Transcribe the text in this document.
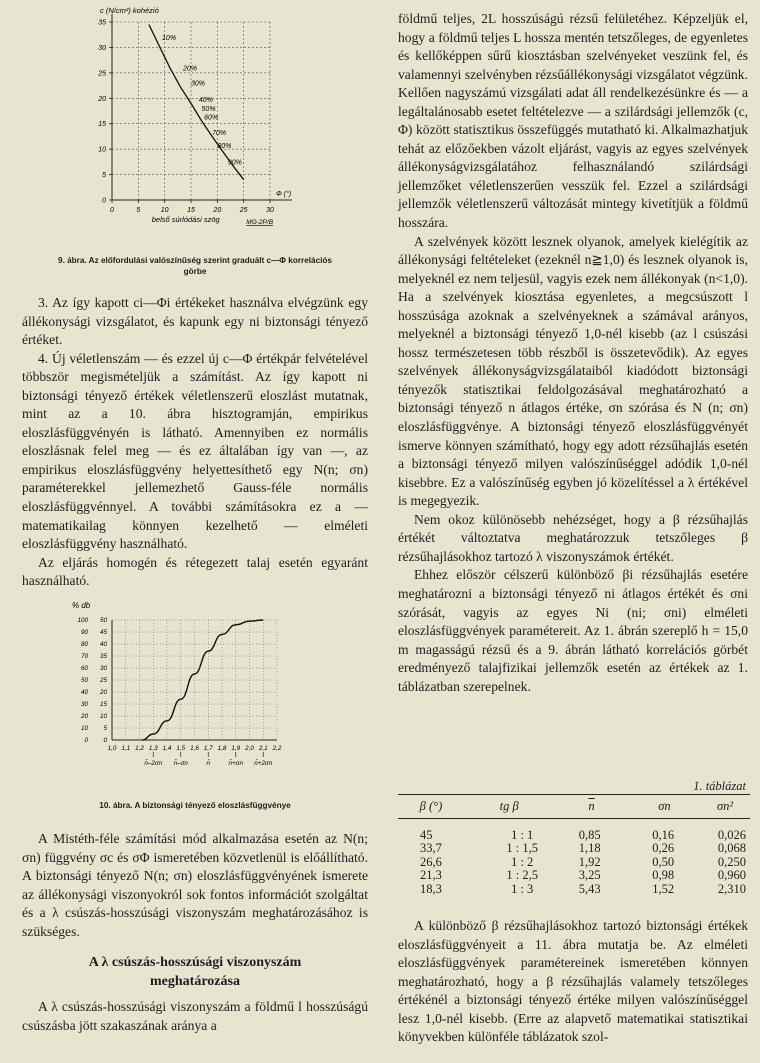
0	5	10	15	20	25	30
0
5
10
15
20
25
30
35
c (N/cm²) kohézió
belső súrlódási szög
Φ (°)
MG-2P/B
10%
20%
30%
40%
50%
60%
70%
80%
90%

9. ábra. Az előfordulási valószínűség szerint graduált c—Φ korrelációs

görbe

3. Az így kapott ci—Φi értékeket használva elvégzünk egy állékonysági vizsgálatot, és kapunk egy ni biztonsági tényező értéket.

4. Új véletlenszám — és ezzel új c—Φ értékpár felvételével többször megismételjük a számítást. Az így kapott ni biztonsági tényező értékek véletlenszerű eloszlást mutatnak, mint az a 10. ábra hisztogramján, empirikus eloszlásfüggvényén is látható. Amennyiben ez normális eloszlásnak felel meg — és ez általában így van —, az empirikus eloszlásfüggvény helyettesíthető egy N(n; σn) paraméterekkel jellemezhető Gauss-féle normális eloszlásfüggvénnyel. A további számításokra ez a — matematikailag könnyen kezelhető — elméleti eloszlásfüggvény használható.

Az eljárás homogén és rétegezett talaj esetén egyaránt használható.

1,0 1,1 1,2 1,3 1,4 1,5 1,6 1,7 1,8 1,9 2,0 2,1 2,2
0
10
20
30
40
50
60
70
80
90
100
0
5
10
15
20
25
30
35
40
45
50
% db
n̄–2σn n̄–σn	n̄	n̄+σn n̄+2σn

10. ábra. A biztonsági tényező eloszlásfüggvénye

A Mistéth-féle számítási mód alkalmazása esetén az N(n; σn) függvény σc és σΦ ismeretében közvetlenül is előállítható. A biztonsági tényező N(n; σn) eloszlásfüggvényének ismerete az állékonysági viszonyokról sok fontos információt szolgáltat és a λ csúszás-hosszúsági viszonyszám meghatározásához is szükséges.

A λ csúszás-hosszúsági viszonyszám

meghatározása

A λ csúszás-hosszúsági viszonyszám a földmű l hosszúságú csúszásba jött szakaszának aránya a

földmű teljes, 2L hosszúságú rézsű felületéhez. Képzeljük el, hogy a földmű teljes L hossza mentén tetszőleges, de egyenletes és kellőképpen sűrű kiosztásban szelvényeket veszünk fel, és valamennyi szelvényben rézsűállékonysági vizsgálatot végzünk. Kellően nagyszámú vizsgálati adat áll rendelkezésünkre és — a legáltalánosabb esetet feltételezve — a szilárdsági jellemzők (c, Φ) között statisztikus összefüggés mutatható ki. Alkalmazhatjuk tehát az előzőekben vázolt eljárást, vagyis az egyes szelvények állékonyságvizsgálatához felhasználandó szilárdsági jellemzőket véletlenszerűen vesszük fel. Ezzel a szilárdsági jellemzők véletlenszerű változását mintegy kivetítjük a földmű hosszára.

A szelvények között lesznek olyanok, amelyek kielégítik az állékonysági feltételeket (ezeknél n≧1,0) és lesznek olyanok is, melyeknél ez nem teljesül, vagyis ezek nem állékonyak (n<1,0). Ha a szelvények kiosztása egyenletes, a megcsúszott l hosszúsága azoknak a szelvényeknek a számával arányos, melyeknél a biztonsági tényező 1,0-nél kisebb (az l csúszási hossz természetesen több részből is összetevődik). Az egyes szelvények állékonyságvizsgálataiból kiadódott biztonsági tényezők statisztikai feldolgozásával meghatározható a biztonsági tényező n átlagos értéke, σn szórása és N (n; σn) eloszlásfüggvénye. A biztonsági tényező eloszlásfüggvényét ismerve könnyen számítható, hogy egy adott rézsűhajlás esetén a biztonsági tényező milyen valószínűséggel adódik 1,0-nél kisebbre. Ez a valószínűség egyben jó közelítéssel a λ értékével is megegyezik.

Nem okoz különösebb nehézséget, hogy a β rézsűhajlás értékét változtatva meghatározzuk tetszőleges β rézsűhajlásokhoz tartozó λ viszonyszámok értékét.

Ehhez először célszerű különböző βi rézsűhajlás esetére meghatározni a biztonsági tényező ni átlagos értékét és σni szórását, vagyis az egyes Ni (ni; σni) elméleti eloszlásfüggvények paramétereit. Az 1. ábrán szereplő h = 15,0 m magasságú rézsű és a 9. ábrán látható korrelációs görbét eredményező talajfizikai jellemzők esetén az értékek az 1. táblázatban szerepelnek.

1. táblázat
β (°)	tg β	$\overline{n}$	σn	σn²
45	1 : 1	0,85	0,16	0,026
33,7	1 : 1,5	1,18	0,26	0,068
26,6	1 : 2	1,92	0,50	0,250
21,3	1 : 2,5	3,25	0,98	0,960
18,3	1 : 3	5,43	1,52	2,310

A különböző β rézsűhajlásokhoz tartozó biztonsági értékek eloszlásfüggvényeit a 11. ábra mutatja be. Az elméleti eloszlásfüggvények paramétereinek ismeretében könnyen meghatározható, hogy a β rézsűhajlás valamely tetszőleges értékénél a biztonsági tényező értéke milyen valószínűséggel lesz 1,0-nél kisebb. (Erre az alapvető matematikai statisztikai könyvekben különféle táblázatok szol-
